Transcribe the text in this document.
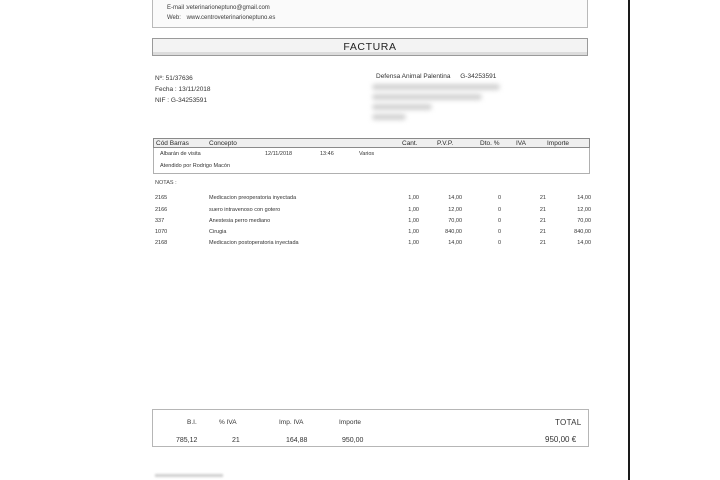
E-mail : veterinarioneptuno@gmail.com
Web: www.centroveterinarioneptuno.es
FACTURA
Nº: 51/37636
Fecha : 13/11/2018
NIF : G-34253591
Defensa Animal Palentina G-34253591
Cód Barras	Concepto	Cant.	P.V.P.	Dto. %	IVA	Importe
Albarán de visita	12/11/2018	13:46	Varios
Atendido por Rodrigo Macón
NOTAS :
2165	Medicacion preoperatoria inyectada	1,00	14,00	0	21	14,00
2166	suero intravenoso con gotero	1,00	12,00	0	21	12,00
337	Anestesia perro mediano	1,00	70,00	0	21	70,00
1070	Cirugia	1,00	840,00	0	21	840,00
2168	Medicacion postoperatoria inyectada	1,00	14,00	0	21	14,00
B.I.	% IVA	Imp. IVA	Importe	TOTAL
785,12	21	164,88	950,00	950,00 €
